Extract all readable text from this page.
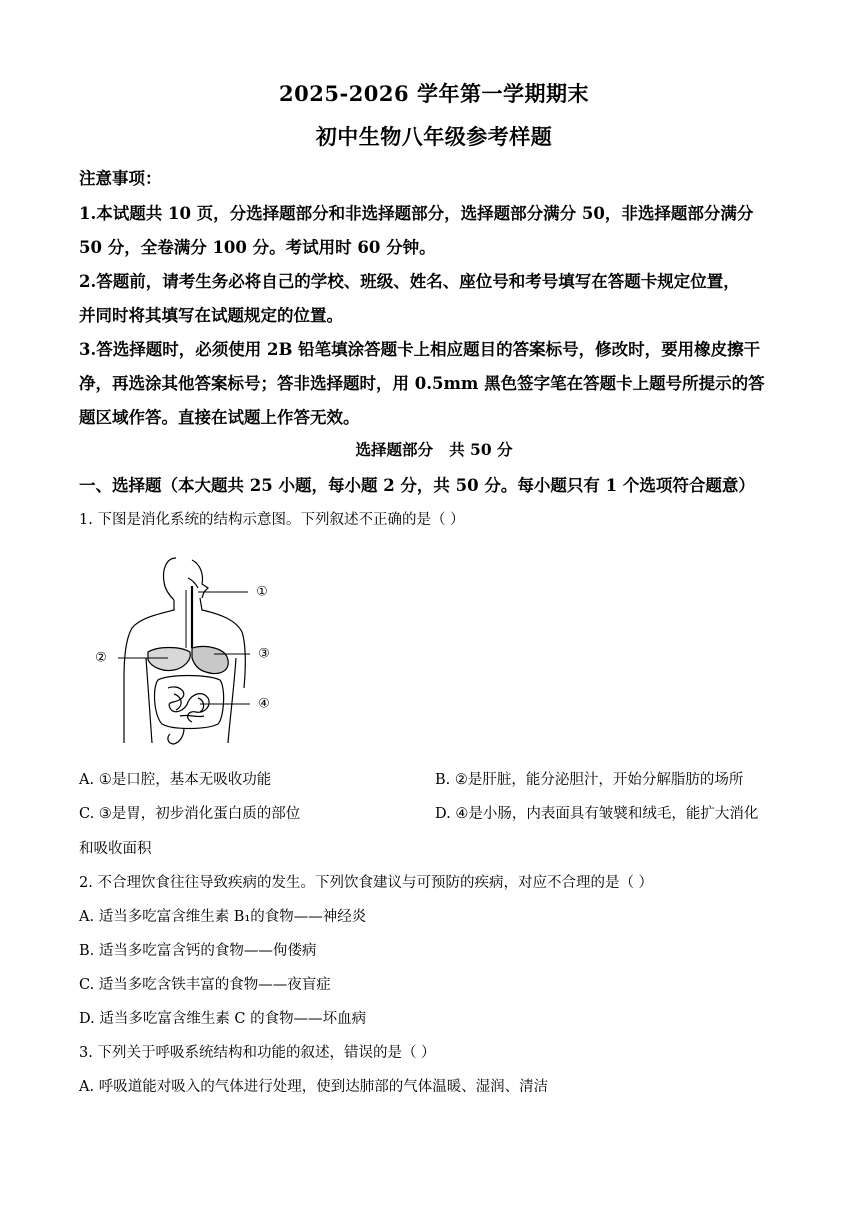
2025-2026 学年第一学期期末
初中生物八年级参考样题
注意事项：
1.本试题共 10 页，分选择题部分和非选择题部分，选择题部分满分 50，非选择题部分满分
50 分，全卷满分 100 分。考试用时 60 分钟。
2.答题前，请考生务必将自己的学校、班级、姓名、座位号和考号填写在答题卡规定位置，
并同时将其填写在试题规定的位置。
3.答选择题时，必须使用 2B 铅笔填涂答题卡上相应题目的答案标号，修改时，要用橡皮擦干
净，再选涂其他答案标号；答非选择题时，用 0.5mm 黑色签字笔在答题卡上题号所提示的答
题区域作答。直接在试题上作答无效。
选择题部分   共 50 分
一、选择题（本大题共 25 小题，每小题 2 分，共 50 分。每小题只有 1 个选项符合题意）
1. 下图是消化系统的结构示意图。下列叙述不正确的是（ ）
①
②	③
④
A. ①是口腔，基本无吸收功能	B. ②是肝脏，能分泌胆汁，开始分解脂肪的场所
C. ③是胃，初步消化蛋白质的部位	D. ④是小肠，内表面具有皱襞和绒毛，能扩大消化
和吸收面积
2. 不合理饮食往往导致疾病的发生。下列饮食建议与可预防的疾病，对应不合理的是（ ）
A. 适当多吃富含维生素 B₁的食物——神经炎
B. 适当多吃富含钙的食物——佝偻病
C. 适当多吃含铁丰富的食物——夜盲症
D. 适当多吃富含维生素 C 的食物——坏血病
3. 下列关于呼吸系统结构和功能的叙述，错误的是（ ）
A. 呼吸道能对吸入的气体进行处理，使到达肺部的气体温暖、湿润、清洁
